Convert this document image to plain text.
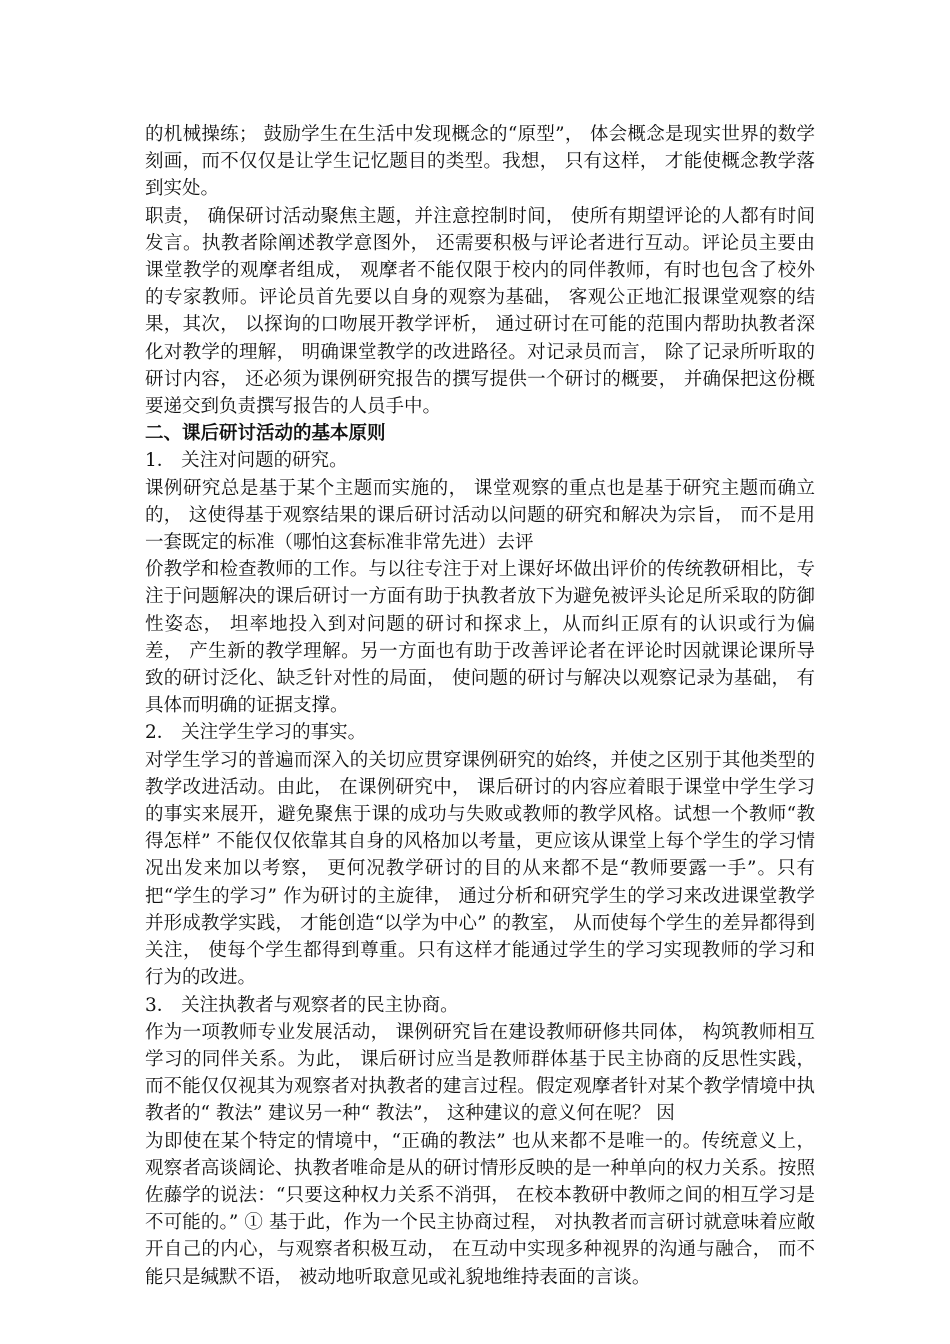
的机械操练； 鼓励学生在生活中发现概念的“原型”， 体会概念是现实世界的数学刻画，而不仅仅是让学生记忆题目的类型。我想， 只有这样， 才能使概念教学落到实处。

职责， 确保研讨活动聚焦主题，并注意控制时间， 使所有期望评论的人都有时间发言。执教者除阐述教学意图外， 还需要积极与评论者进行互动。评论员主要由课堂教学的观摩者组成， 观摩者不能仅限于校内的同伴教师，有时也包含了校外的专家教师。评论员首先要以自身的观察为基础， 客观公正地汇报课堂观察的结果，其次， 以探询的口吻展开教学评析， 通过研讨在可能的范围内帮助执教者深化对教学的理解， 明确课堂教学的改进路径。对记录员而言， 除了记录所听取的研讨内容， 还必须为课例研究报告的撰写提供一个研讨的概要， 并确保把这份概要递交到负责撰写报告的人员手中。

二、课后研讨活动的基本原则

1． 关注对问题的研究。

课例研究总是基于某个主题而实施的， 课堂观察的重点也是基于研究主题而确立的， 这使得基于观察结果的课后研讨活动以问题的研究和解决为宗旨， 而不是用一套既定的标准（哪怕这套标准非常先进）去评

价教学和检查教师的工作。与以往专注于对上课好坏做出评价的传统教研相比，专注于问题解决的课后研讨一方面有助于执教者放下为避免被评头论足所采取的防御性姿态， 坦率地投入到对问题的研讨和探求上，从而纠正原有的认识或行为偏差， 产生新的教学理解。另一方面也有助于改善评论者在评论时因就课论课所导致的研讨泛化、缺乏针对性的局面， 使问题的研讨与解决以观察记录为基础， 有具体而明确的证据支撑。

2． 关注学生学习的事实。

对学生学习的普遍而深入的关切应贯穿课例研究的始终，并使之区别于其他类型的教学改进活动。由此， 在课例研究中， 课后研讨的内容应着眼于课堂中学生学习的事实来展开，避免聚焦于课的成功与失败或教师的教学风格。试想一个教师“教得怎样” 不能仅仅依靠其自身的风格加以考量，更应该从课堂上每个学生的学习情况出发来加以考察， 更何况教学研讨的目的从来都不是“教师要露一手”。只有把“学生的学习” 作为研讨的主旋律， 通过分析和研究学生的学习来改进课堂教学并形成教学实践， 才能创造“以学为中心” 的教室， 从而使每个学生的差异都得到关注， 使每个学生都得到尊重。只有这样才能通过学生的学习实现教师的学习和行为的改进。

3． 关注执教者与观察者的民主协商。

作为一项教师专业发展活动， 课例研究旨在建设教师研修共同体， 构筑教师相互学习的同伴关系。为此， 课后研讨应当是教师群体基于民主协商的反思性实践， 而不能仅仅视其为观察者对执教者的建言过程。假定观摩者针对某个教学情境中执教者的“ 教法” 建议另一种“ 教法”， 这种建议的意义何在呢？ 因

为即使在某个特定的情境中，“正确的教法” 也从来都不是唯一的。传统意义上， 观察者高谈阔论、执教者唯命是从的研讨情形反映的是一种单向的权力关系。按照佐藤学的说法：“只要这种权力关系不消弭， 在校本教研中教师之间的相互学习是不可能的。” ① 基于此，作为一个民主协商过程， 对执教者而言研讨就意味着应敞开自己的内心，与观察者积极互动， 在互动中实现多种视界的沟通与融合， 而不能只是缄默不语， 被动地听取意见或礼貌地维持表面的言谈。
